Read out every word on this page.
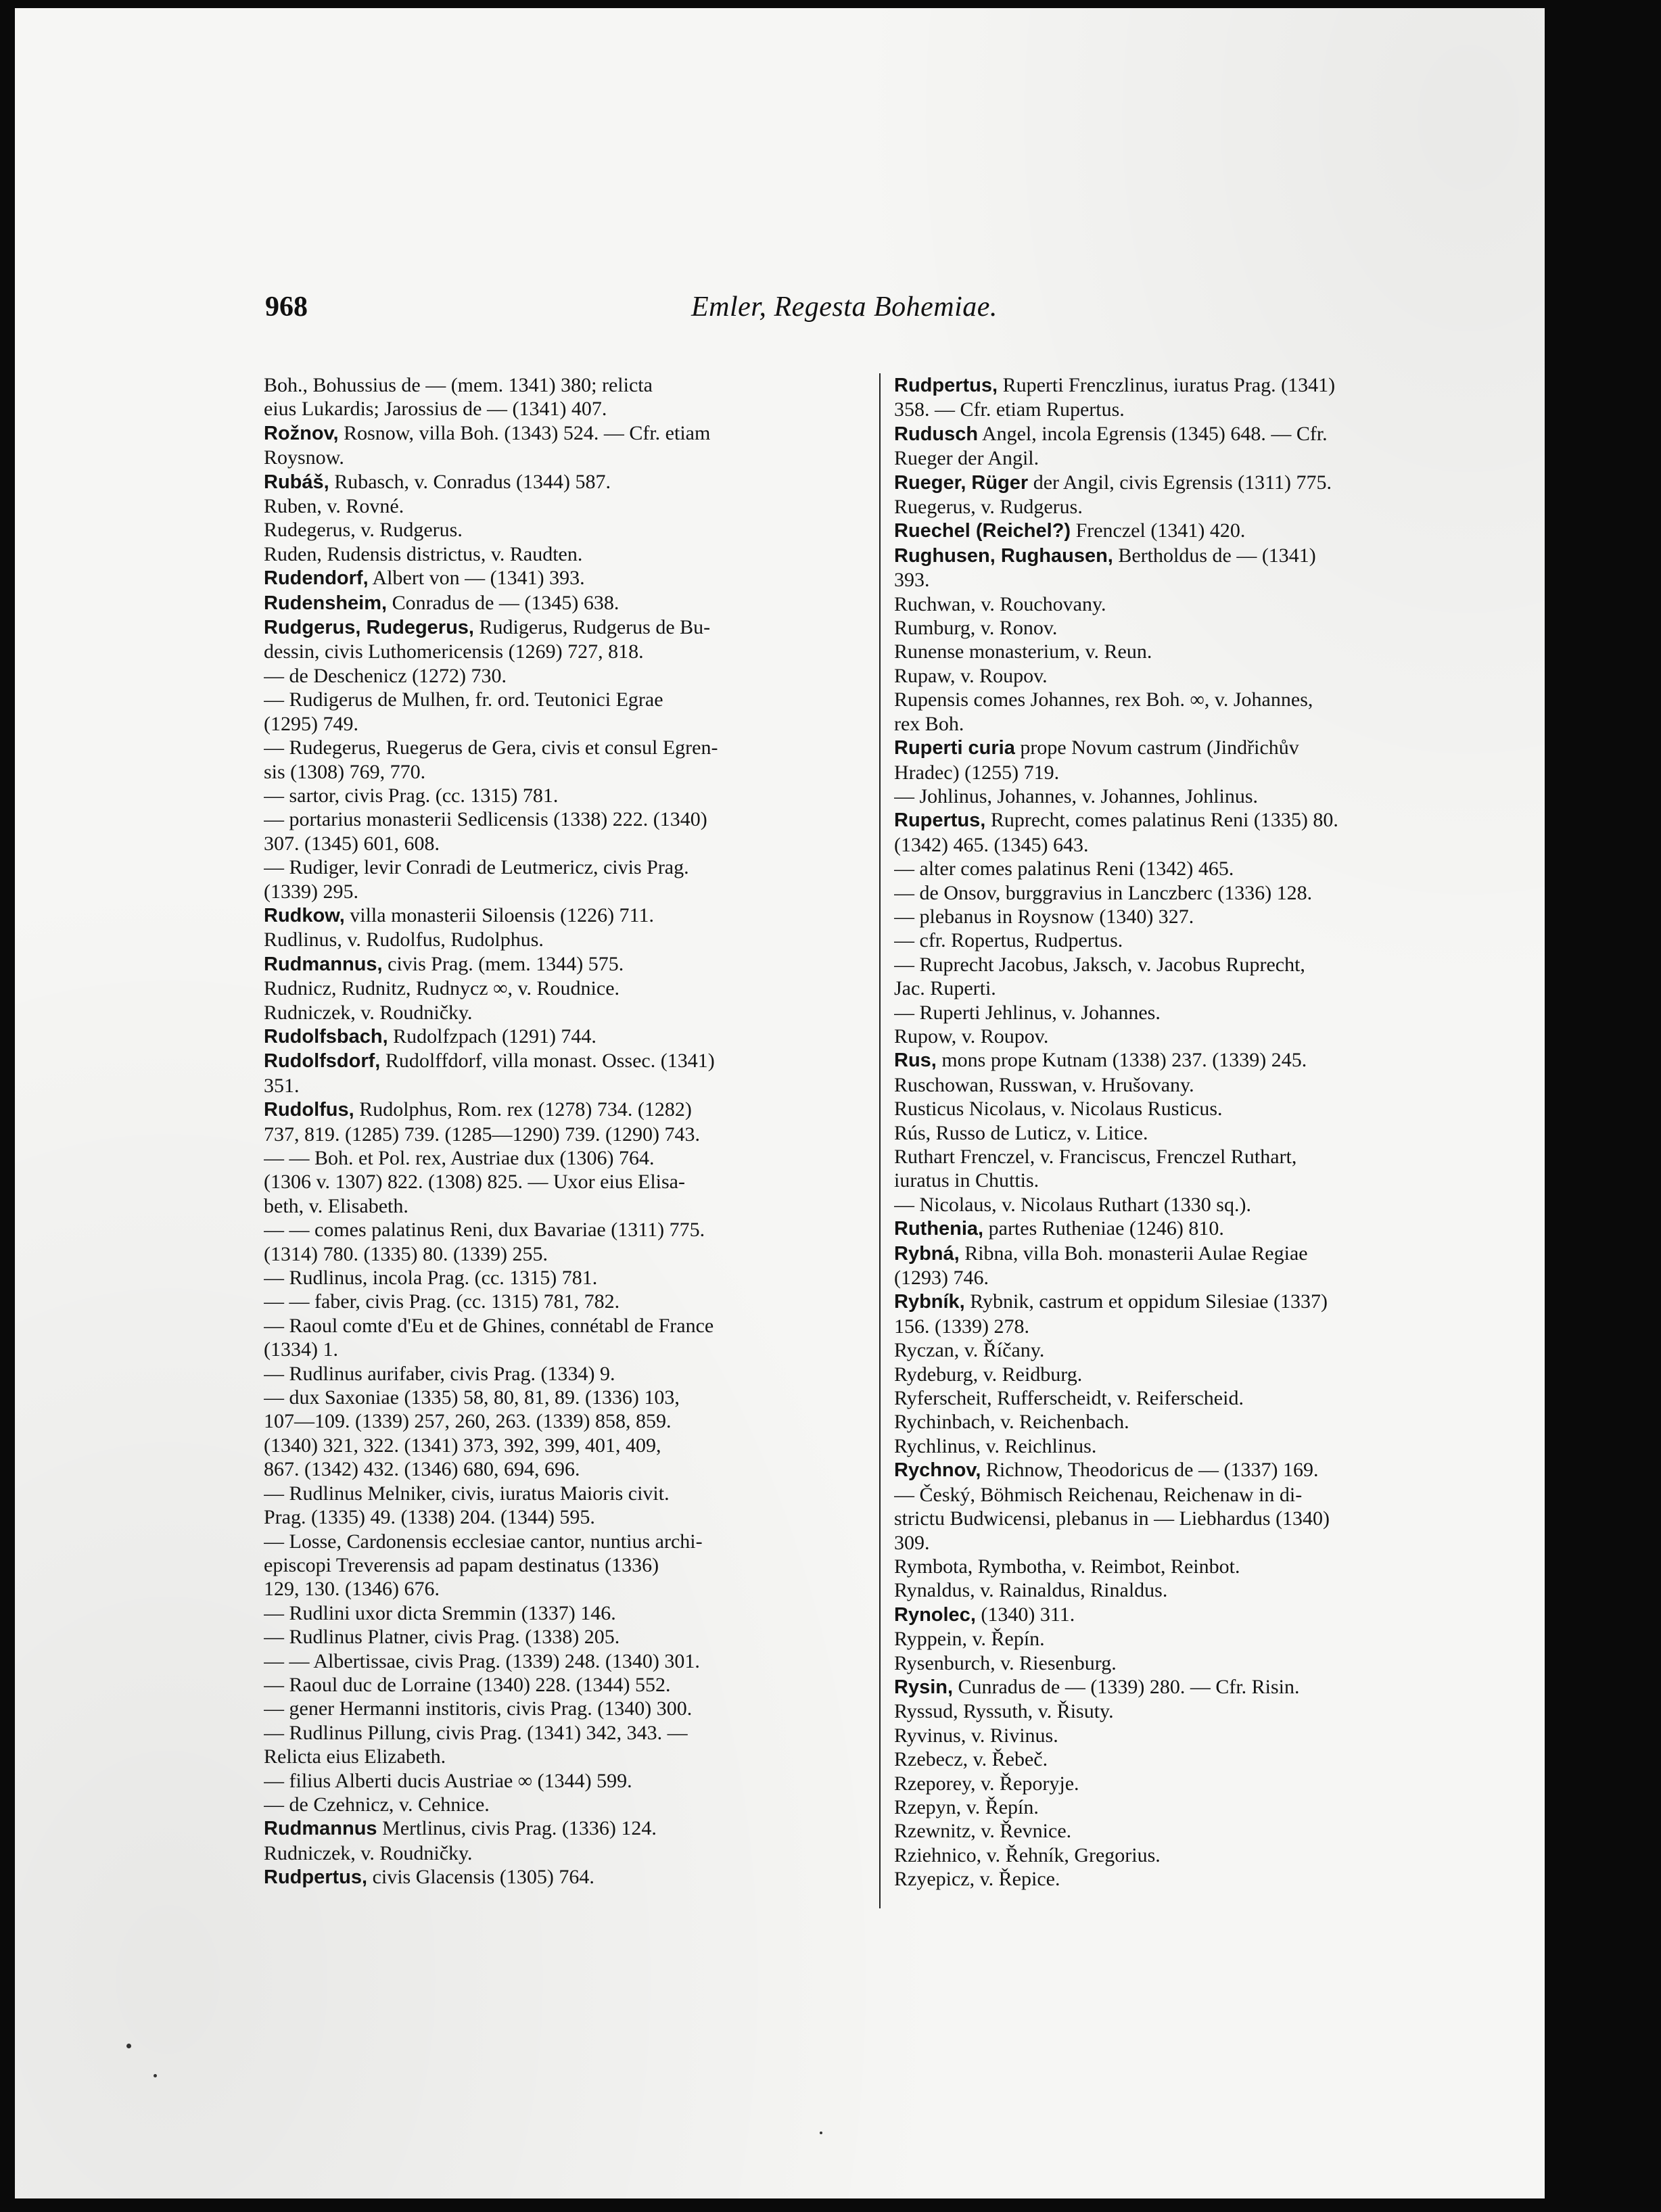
968	Emler, Regesta Bohemiae.

Boh., Bohussius de — (mem. 1341) 380; relicta

eius Lukardis; Jarossius de — (1341) 407.

Rožnov, Rosnow, villa Boh. (1343) 524. — Cfr. etiam

Roysnow.

Rubáš, Rubasch, v. Conradus (1344) 587.

Ruben, v. Rovné.

Rudegerus, v. Rudgerus.

Ruden, Rudensis districtus, v. Raudten.

Rudendorf, Albert von — (1341) 393.

Rudensheim, Conradus de — (1345) 638.

Rudgerus, Rudegerus, Rudigerus, Rudgerus de Bu-

dessin, civis Luthomericensis (1269) 727, 818.

— de Deschenicz (1272) 730.

— Rudigerus de Mulhen, fr. ord. Teutonici Egrae

(1295) 749.

— Rudegerus, Ruegerus de Gera, civis et consul Egren-

sis (1308) 769, 770.

— sartor, civis Prag. (cc. 1315) 781.

— portarius monasterii Sedlicensis (1338) 222. (1340)

307. (1345) 601, 608.

— Rudiger, levir Conradi de Leutmericz, civis Prag.

(1339) 295.

Rudkow, villa monasterii Siloensis (1226) 711.

Rudlinus, v. Rudolfus, Rudolphus.

Rudmannus, civis Prag. (mem. 1344) 575.

Rudnicz, Rudnitz, Rudnycz ∞, v. Roudnice.

Rudniczek, v. Roudničky.

Rudolfsbach, Rudolfzpach (1291) 744.

Rudolfsdorf, Rudolffdorf, villa monast. Ossec. (1341)

351.

Rudolfus, Rudolphus, Rom. rex (1278) 734. (1282)

737, 819. (1285) 739. (1285—1290) 739. (1290) 743.

— — Boh. et Pol. rex, Austriae dux (1306) 764.

(1306 v. 1307) 822. (1308) 825. — Uxor eius Elisa-

beth, v. Elisabeth.

— — comes palatinus Reni, dux Bavariae (1311) 775.

(1314) 780. (1335) 80. (1339) 255.

— Rudlinus, incola Prag. (cc. 1315) 781.

— — faber, civis Prag. (cc. 1315) 781, 782.

— Raoul comte d'Eu et de Ghines, connétabl de France

(1334) 1.

— Rudlinus aurifaber, civis Prag. (1334) 9.

— dux Saxoniae (1335) 58, 80, 81, 89. (1336) 103,

107—109. (1339) 257, 260, 263. (1339) 858, 859.

(1340) 321, 322. (1341) 373, 392, 399, 401, 409,

867. (1342) 432. (1346) 680, 694, 696.

— Rudlinus Melniker, civis, iuratus Maioris civit.

Prag. (1335) 49. (1338) 204. (1344) 595.

— Losse, Cardonensis ecclesiae cantor, nuntius archi-

episcopi Treverensis ad papam destinatus (1336)

129, 130. (1346) 676.

— Rudlini uxor dicta Sremmin (1337) 146.

— Rudlinus Platner, civis Prag. (1338) 205.

— — Albertissae, civis Prag. (1339) 248. (1340) 301.

— Raoul duc de Lorraine (1340) 228. (1344) 552.

— gener Hermanni institoris, civis Prag. (1340) 300.

— Rudlinus Pillung, civis Prag. (1341) 342, 343. —

Relicta eius Elizabeth.

— filius Alberti ducis Austriae ∞ (1344) 599.

— de Czehnicz, v. Cehnice.

Rudmannus Mertlinus, civis Prag. (1336) 124.

Rudniczek, v. Roudničky.

Rudpertus, civis Glacensis (1305) 764.

Rudpertus, Ruperti Frenczlinus, iuratus Prag. (1341)

358. — Cfr. etiam Rupertus.

Rudusch Angel, incola Egrensis (1345) 648. — Cfr.

Rueger der Angil.

Rueger, Rüger der Angil, civis Egrensis (1311) 775.

Ruegerus, v. Rudgerus.

Ruechel (Reichel?) Frenczel (1341) 420.

Rughusen, Rughausen, Bertholdus de — (1341)

393.

Ruchwan, v. Rouchovany.

Rumburg, v. Ronov.

Runense monasterium, v. Reun.

Rupaw, v. Roupov.

Rupensis comes Johannes, rex Boh. ∞, v. Johannes,

rex Boh.

Ruperti curia prope Novum castrum (Jindřichův

Hradec) (1255) 719.

— Johlinus, Johannes, v. Johannes, Johlinus.

Rupertus, Ruprecht, comes palatinus Reni (1335) 80.

(1342) 465. (1345) 643.

— alter comes palatinus Reni (1342) 465.

— de Onsov, burggravius in Lanczberc (1336) 128.

— plebanus in Roysnow (1340) 327.

— cfr. Ropertus, Rudpertus.

— Ruprecht Jacobus, Jaksch, v. Jacobus Ruprecht,

Jac. Ruperti.

— Ruperti Jehlinus, v. Johannes.

Rupow, v. Roupov.

Rus, mons prope Kutnam (1338) 237. (1339) 245.

Ruschowan, Russwan, v. Hrušovany.

Rusticus Nicolaus, v. Nicolaus Rusticus.

Rús, Russo de Luticz, v. Litice.

Ruthart Frenczel, v. Franciscus, Frenczel Ruthart,

iuratus in Chuttis.

— Nicolaus, v. Nicolaus Ruthart (1330 sq.).

Ruthenia, partes Rutheniae (1246) 810.

Rybná, Ribna, villa Boh. monasterii Aulae Regiae

(1293) 746.

Rybník, Rybnik, castrum et oppidum Silesiae (1337)

156. (1339) 278.

Ryczan, v. Říčany.

Rydeburg, v. Reidburg.

Ryferscheit, Rufferscheidt, v. Reiferscheid.

Rychinbach, v. Reichenbach.

Rychlinus, v. Reichlinus.

Rychnov, Richnow, Theodoricus de — (1337) 169.

— Český, Böhmisch Reichenau, Reichenaw in di-

strictu Budwicensi, plebanus in — Liebhardus (1340)

309.

Rymbota, Rymbotha, v. Reimbot, Reinbot.

Rynaldus, v. Rainaldus, Rinaldus.

Rynolec, (1340) 311.

Ryppein, v. Řepín.

Rysenburch, v. Riesenburg.

Rysin, Cunradus de — (1339) 280. — Cfr. Risin.

Ryssud, Ryssuth, v. Řisuty.

Ryvinus, v. Rivinus.

Rzebecz, v. Řebeč.

Rzeporey, v. Řeporyje.

Rzepyn, v. Řepín.

Rzewnitz, v. Řevnice.

Rziehnico, v. Řehník, Gregorius.

Rzyepicz, v. Řepice.
